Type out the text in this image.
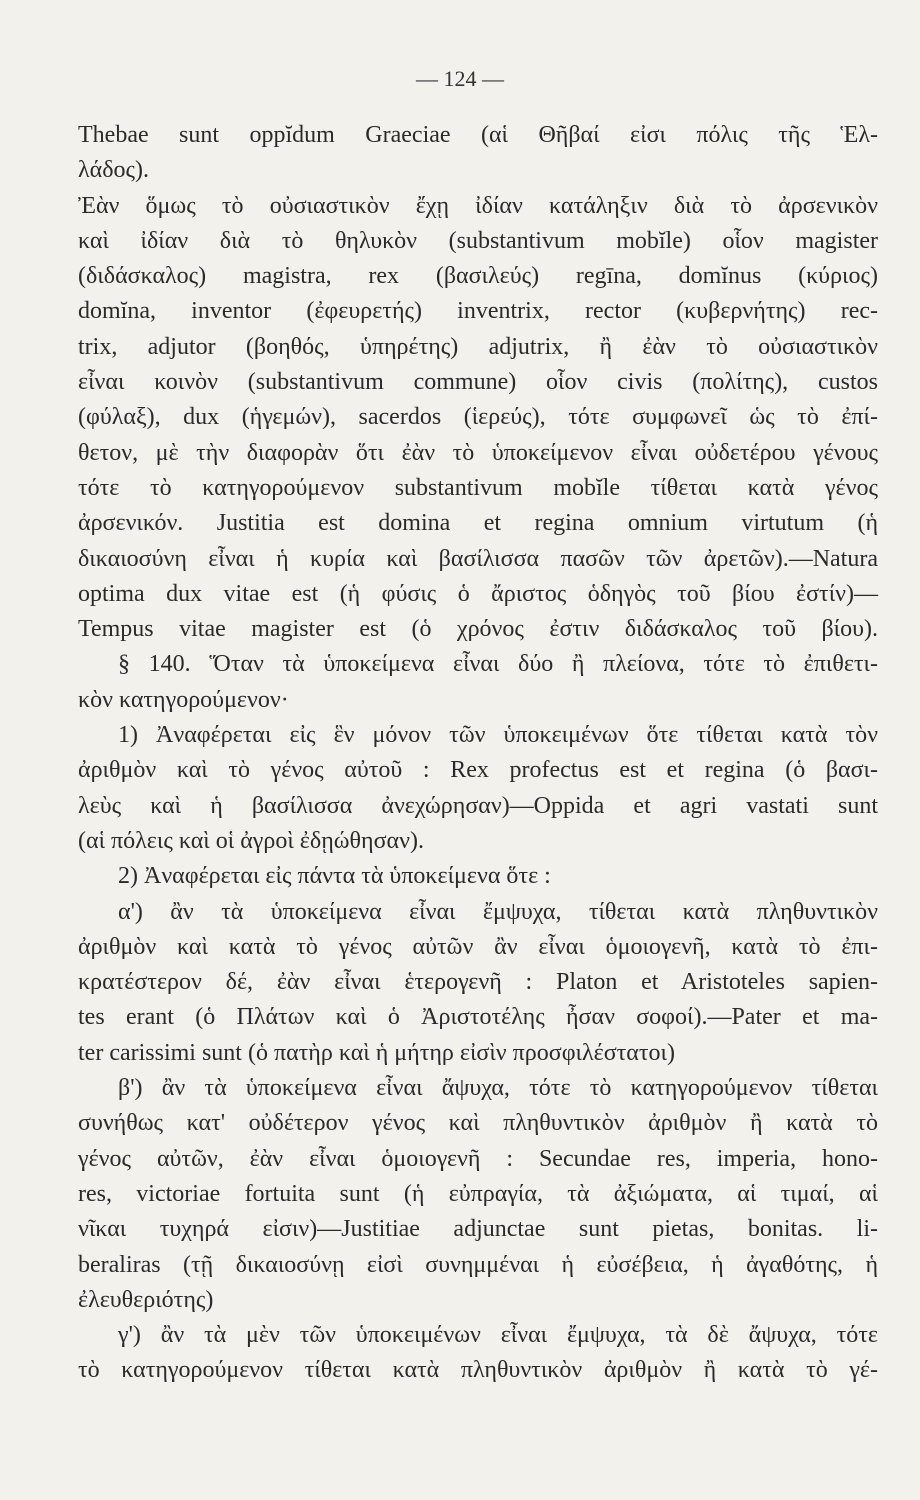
— 124 —
Thebae sunt oppĭdum Graeciae (αἱ Θῆβαί εἰσι πόλις τῆς Ἑλ-
λάδος).
Ἐὰν ὅμως τὸ οὐσιαστικὸν ἔχῃ ἰδίαν κατάληξιν διὰ τὸ ἀρσενικὸν
καὶ ἰδίαν διὰ τὸ θηλυκὸν (substantivum mobĭle) οἷον magister
(διδάσκαλος) magistra, rex (βασιλεύς) regīna, domĭnus (κύριος)
domĭna, inventor (ἐφευρετής) inventrix, rector (κυβερνήτης) rec-
trix, adjutor (βοηθός, ὑπηρέτης) adjutrix, ἢ ἐὰν τὸ οὐσιαστικὸν
εἶναι κοινὸν (substantivum commune) οἷον civis (πολίτης), custos
(φύλαξ), dux (ἡγεμών), sacerdos (ἱερεύς), τότε συμφωνεῖ ὡς τὸ ἐπί-
θετον, μὲ τὴν διαφορὰν ὅτι ἐὰν τὸ ὑποκείμενον εἶναι οὐδετέρου γένους
τότε τὸ κατηγορούμενον substantivum mobĭle τίθεται κατὰ γένος
ἀρσενικόν. Justitia est domina et regina omnium virtutum (ἡ
δικαιοσύνη εἶναι ἡ κυρία καὶ βασίλισσα πασῶν τῶν ἀρετῶν).—Natura
optima dux vitae est (ἡ φύσις ὁ ἄριστος ὁδηγὸς τοῦ βίου ἐστίν)—
Tempus vitae magister est (ὁ χρόνος ἐστιν διδάσκαλος τοῦ βίου).
§ 140. Ὅταν τὰ ὑποκείμενα εἶναι δύο ἢ πλείονα, τότε τὸ ἐπιθετι-
κὸν κατηγορούμενον·
1) Ἀναφέρεται εἰς ἓν μόνον τῶν ὑποκειμένων ὅτε τίθεται κατὰ τὸν
ἀριθμὸν καὶ τὸ γένος αὐτοῦ : Rex profectus est et regina (ὁ βασι-
λεὺς καὶ ἡ βασίλισσα ἀνεχώρησαν)—Oppida et agri vastati sunt
(αἱ πόλεις καὶ οἱ ἀγροὶ ἐδῃώθησαν).
2) Ἀναφέρεται εἰς πάντα τὰ ὑποκείμενα ὅτε :
α') ἂν τὰ ὑποκείμενα εἶναι ἔμψυχα, τίθεται κατὰ πληθυντικὸν
ἀριθμὸν καὶ κατὰ τὸ γένος αὐτῶν ἂν εἶναι ὁμοιογενῆ, κατὰ τὸ ἐπι-
κρατέστερον δέ, ἐὰν εἶναι ἑτερογενῆ : Platon et Aristoteles sapien-
tes erant (ὁ Πλάτων καὶ ὁ Ἀριστοτέλης ἦσαν σοφοί).—Pater et ma-
ter carissimi sunt (ὁ πατὴρ καὶ ἡ μήτηρ εἰσὶν προσφιλέστατοι)
β') ἂν τὰ ὑποκείμενα εἶναι ἄψυχα, τότε τὸ κατηγορούμενον τίθεται
συνήθως κατ' οὐδέτερον γένος καὶ πληθυντικὸν ἀριθμὸν ἢ κατὰ τὸ
γένος αὐτῶν, ἐὰν εἶναι ὁμοιογενῆ : Secundae res, imperia, hono-
res, victoriae fortuita sunt (ἡ εὐπραγία, τὰ ἀξιώματα, αἱ τιμαί, αἱ
νῖκαι τυχηρά εἰσιν)—Justitiae adjunctae sunt pietas, bonitas. li-
beraliras (τῇ δικαιοσύνῃ εἰσὶ συνημμέναι ἡ εὐσέβεια, ἡ ἀγαθότης, ἡ
ἐλευθεριότης)
γ') ἂν τὰ μὲν τῶν ὑποκειμένων εἶναι ἔμψυχα, τὰ δὲ ἄψυχα, τότε
τὸ κατηγορούμενον τίθεται κατὰ πληθυντικὸν ἀριθμὸν ἢ κατὰ τὸ γέ-
